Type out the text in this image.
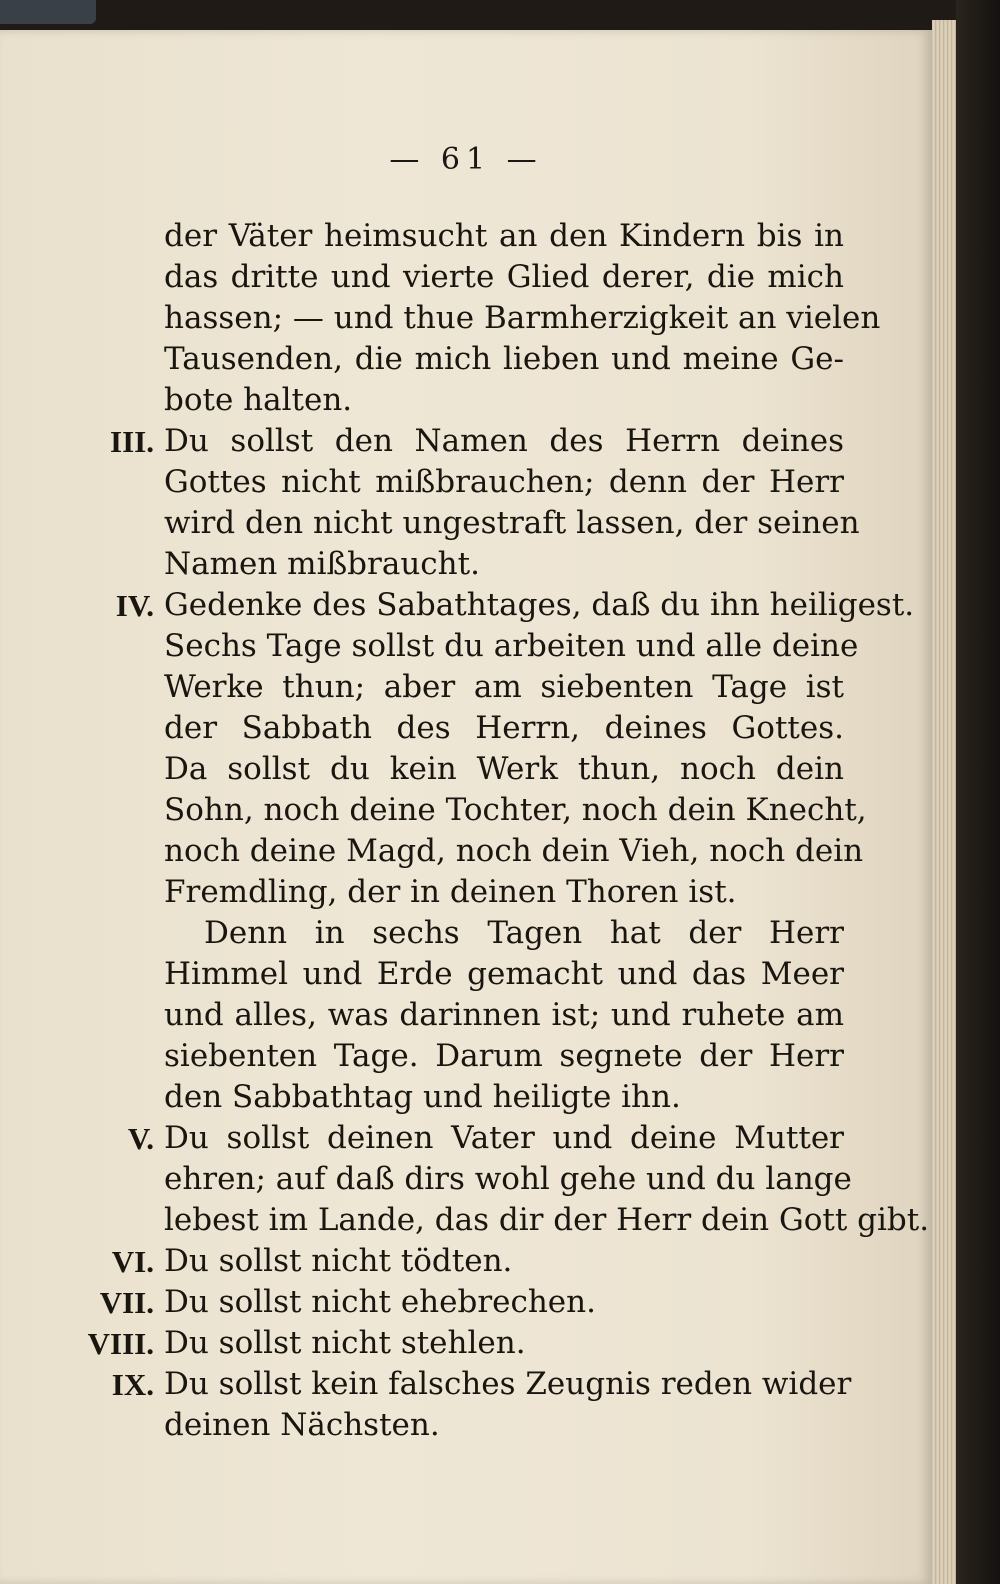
— 61 —
der Väter heimsucht an den Kindern bis in
das dritte und vierte Glied derer, die mich
hassen; — und thue Barmherzigkeit an vielen
Tausenden, die mich lieben und meine Ge-
bote halten.
III. Du sollst den Namen des Herrn deines
Gottes nicht mißbrauchen; denn der Herr
wird den nicht ungestraft lassen, der seinen
Namen mißbraucht.
IV. Gedenke des Sabathtages, daß du ihn heiligest.
Sechs Tage sollst du arbeiten und alle deine
Werke thun; aber am siebenten Tage ist
der Sabbath des Herrn, deines Gottes.
Da sollst du kein Werk thun, noch dein
Sohn, noch deine Tochter, noch dein Knecht,
noch deine Magd, noch dein Vieh, noch dein
Fremdling, der in deinen Thoren ist.
Denn in sechs Tagen hat der Herr
Himmel und Erde gemacht und das Meer
und alles, was darinnen ist; und ruhete am
siebenten Tage. Darum segnete der Herr
den Sabbathtag und heiligte ihn.
V. Du sollst deinen Vater und deine Mutter
ehren; auf daß dirs wohl gehe und du lange
lebest im Lande, das dir der Herr dein Gott gibt.
VI. Du sollst nicht tödten.
VII. Du sollst nicht ehebrechen.
VIII. Du sollst nicht stehlen.
IX. Du sollst kein falsches Zeugnis reden wider
deinen Nächsten.
